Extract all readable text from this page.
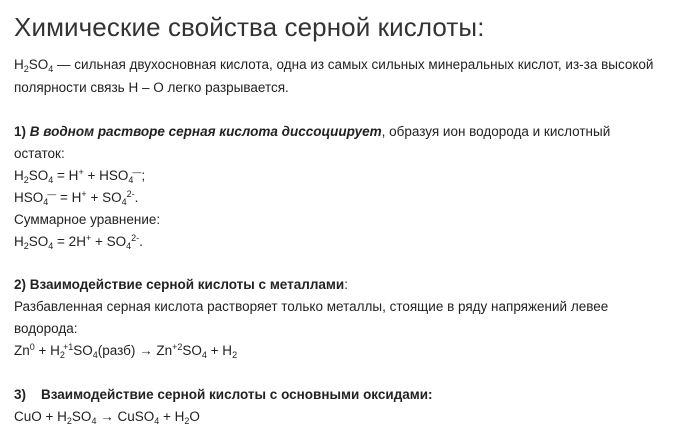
Химические свойства серной кислоты:
$H_2SO_4$ — сильная двухосновная кислота, одна из самых сильных минеральных кислот, из-за высокой
полярности связь H – O легко разрывается.
1) В водном растворе серная кислота диссоциирует, образуя ион водорода и кислотный
остаток:
$H_2SO_4 = H^+ + HSO_4^—$;
$HSO_4^— = H^+ + SO_4^{2-}$.
Суммарное уравнение:
$H_2SO_4 = 2H^+ + SO_4^{2-}$.
2) Взаимодействие серной кислоты с металлами:
Разбавленная серная кислота растворяет только металлы, стоящие в ряду напряжений левее
водорода:
$Zn^0$ + $H_2^{+1}SO_4(разб) \to Zn^{+2}SO_4 + H_2$
3)    Взаимодействие серной кислоты с основными оксидами:
CuO + $H_2SO_4$ → CuSO$_4$ + $H_2O$
